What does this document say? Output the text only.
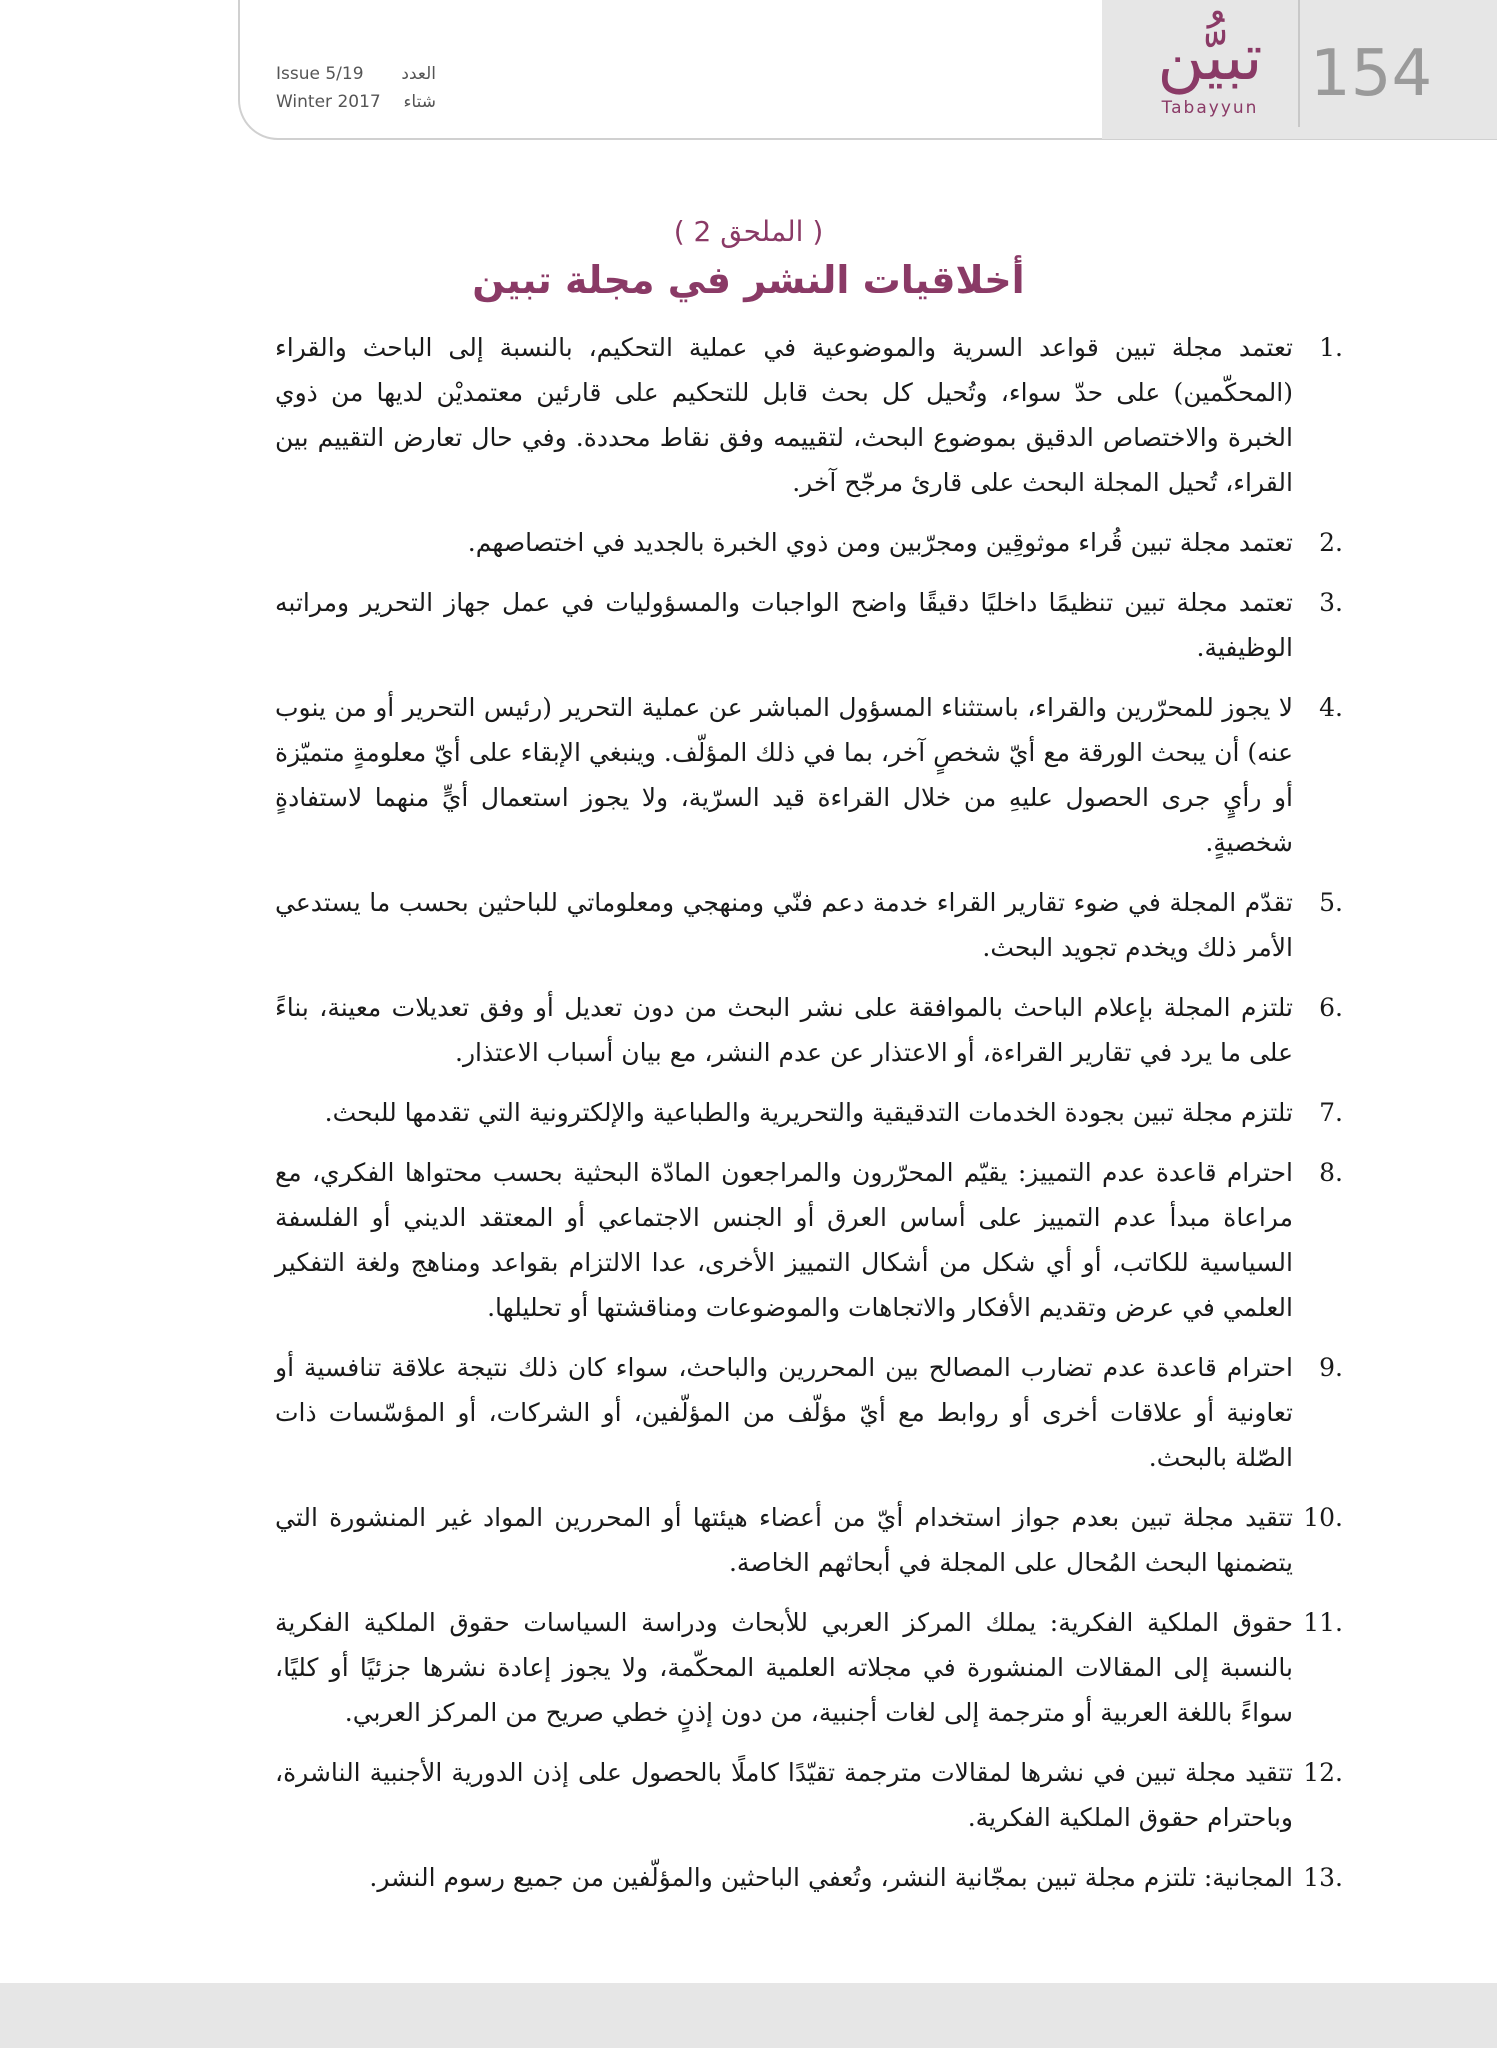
Issue 5/19 العدد
Winter 2017 شتاء
تبيُّن
Tabayyun 154
( الملحق 2 )
أخلاقيات النشر في مجلة تبين
1.
تعتمد مجلة تبين قواعد السرية والموضوعية في عملية التحكيم، بالنسبة إلى الباحث والقراء (المحكّمين) على حدّ سواء، وتُحيل كل بحث قابل للتحكيم على قارئين معتمديْن لديها من ذوي الخبرة والاختصاص الدقيق بموضوع البحث، لتقييمه وفق نقاط محددة. وفي حال تعارض التقييم بين القراء، تُحيل المجلة البحث على قارئ مرجّح آخر.
2.
تعتمد مجلة تبين قُراء موثوقِين ومجرّبين ومن ذوي الخبرة بالجديد في اختصاصهم.
3.
تعتمد مجلة تبين تنظيمًا داخليًا دقيقًا واضح الواجبات والمسؤوليات في عمل جهاز التحرير ومراتبه الوظيفية.
4.
لا يجوز للمحرّرين والقراء، باستثناء المسؤول المباشر عن عملية التحرير (رئيس التحرير أو من ينوب عنه) أن يبحث الورقة مع أيّ شخصٍ آخر، بما في ذلك المؤلّف. وينبغي الإبقاء على أيّ معلومةٍ متميّزة أو رأيٍ جرى الحصول عليهِ من خلال القراءة قيد السرّية، ولا يجوز استعمال أيٍّ منهما لاستفادةٍ شخصيةٍ.
5.
تقدّم المجلة في ضوء تقارير القراء خدمة دعم فنّي ومنهجي ومعلوماتي للباحثين بحسب ما يستدعي الأمر ذلك ويخدم تجويد البحث.
6.
تلتزم المجلة بإعلام الباحث بالموافقة على نشر البحث من دون تعديل أو وفق تعديلات معينة، بناءً على ما يرد في تقارير القراءة، أو الاعتذار عن عدم النشر، مع بيان أسباب الاعتذار.
7.
تلتزم مجلة تبين بجودة الخدمات التدقيقية والتحريرية والطباعية والإلكترونية التي تقدمها للبحث.
8.
احترام قاعدة عدم التمييز: يقيّم المحرّرون والمراجعون المادّة البحثية بحسب محتواها الفكري، مع مراعاة مبدأ عدم التمييز على أساس العرق أو الجنس الاجتماعي أو المعتقد الديني أو الفلسفة السياسية للكاتب، أو أي شكل من أشكال التمييز الأخرى، عدا الالتزام بقواعد ومناهج ولغة التفكير العلمي في عرض وتقديم الأفكار والاتجاهات والموضوعات ومناقشتها أو تحليلها.
9.
احترام قاعدة عدم تضارب المصالح بين المحررين والباحث، سواء كان ذلك نتيجة علاقة تنافسية أو تعاونية أو علاقات أخرى أو روابط مع أيّ مؤلّف من المؤلّفين، أو الشركات، أو المؤسّسات ذات الصّلة بالبحث.
10.
تتقيد مجلة تبين بعدم جواز استخدام أيّ من أعضاء هيئتها أو المحررين المواد غير المنشورة التي يتضمنها البحث المُحال على المجلة في أبحاثهم الخاصة.
11.
حقوق الملكية الفكرية: يملك المركز العربي للأبحاث ودراسة السياسات حقوق الملكية الفكرية بالنسبة إلى المقالات المنشورة في مجلاته العلمية المحكّمة، ولا يجوز إعادة نشرها جزئيًا أو كليًا، سواءً باللغة العربية أو مترجمة إلى لغات أجنبية، من دون إذنٍ خطي صريح من المركز العربي.
12.
تتقيد مجلة تبين في نشرها لمقالات مترجمة تقيّدًا كاملًا بالحصول على إذن الدورية الأجنبية الناشرة، وباحترام حقوق الملكية الفكرية.
13.
المجانية: تلتزم مجلة تبين بمجّانية النشر، وتُعفي الباحثين والمؤلّفين من جميع رسوم النشر.
